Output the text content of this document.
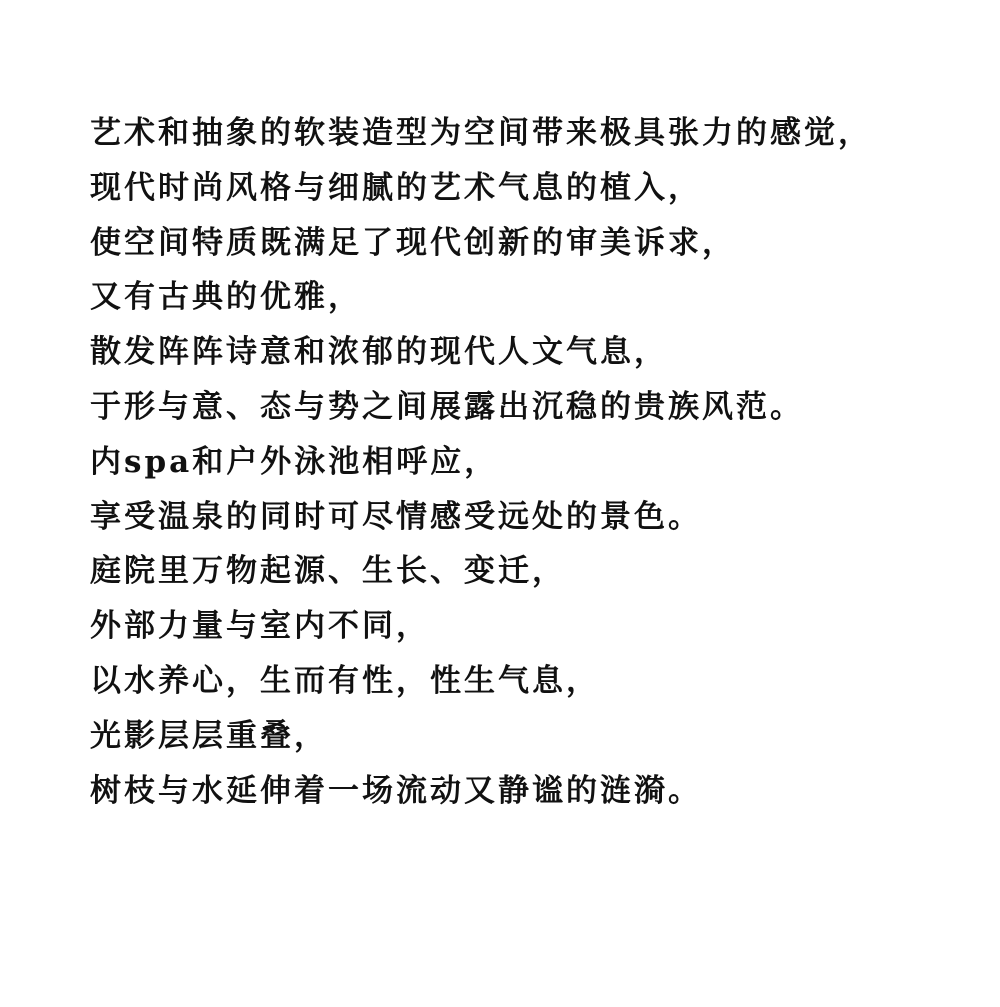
艺术和抽象的软装造型为空间带来极具张力的感觉，
现代时尚风格与细腻的艺术气息的植入，
使空间特质既满足了现代创新的审美诉求，
又有古典的优雅，
散发阵阵诗意和浓郁的现代人文气息，
于形与意、态与势之间展露出沉稳的贵族风范。
内spa和户外泳池相呼应，
享受温泉的同时可尽情感受远处的景色。
庭院里万物起源、生长、变迁，
外部力量与室内不同，
以水养心，生而有性，性生气息，
光影层层重叠，
树枝与水延伸着一场流动又静谧的涟漪。
